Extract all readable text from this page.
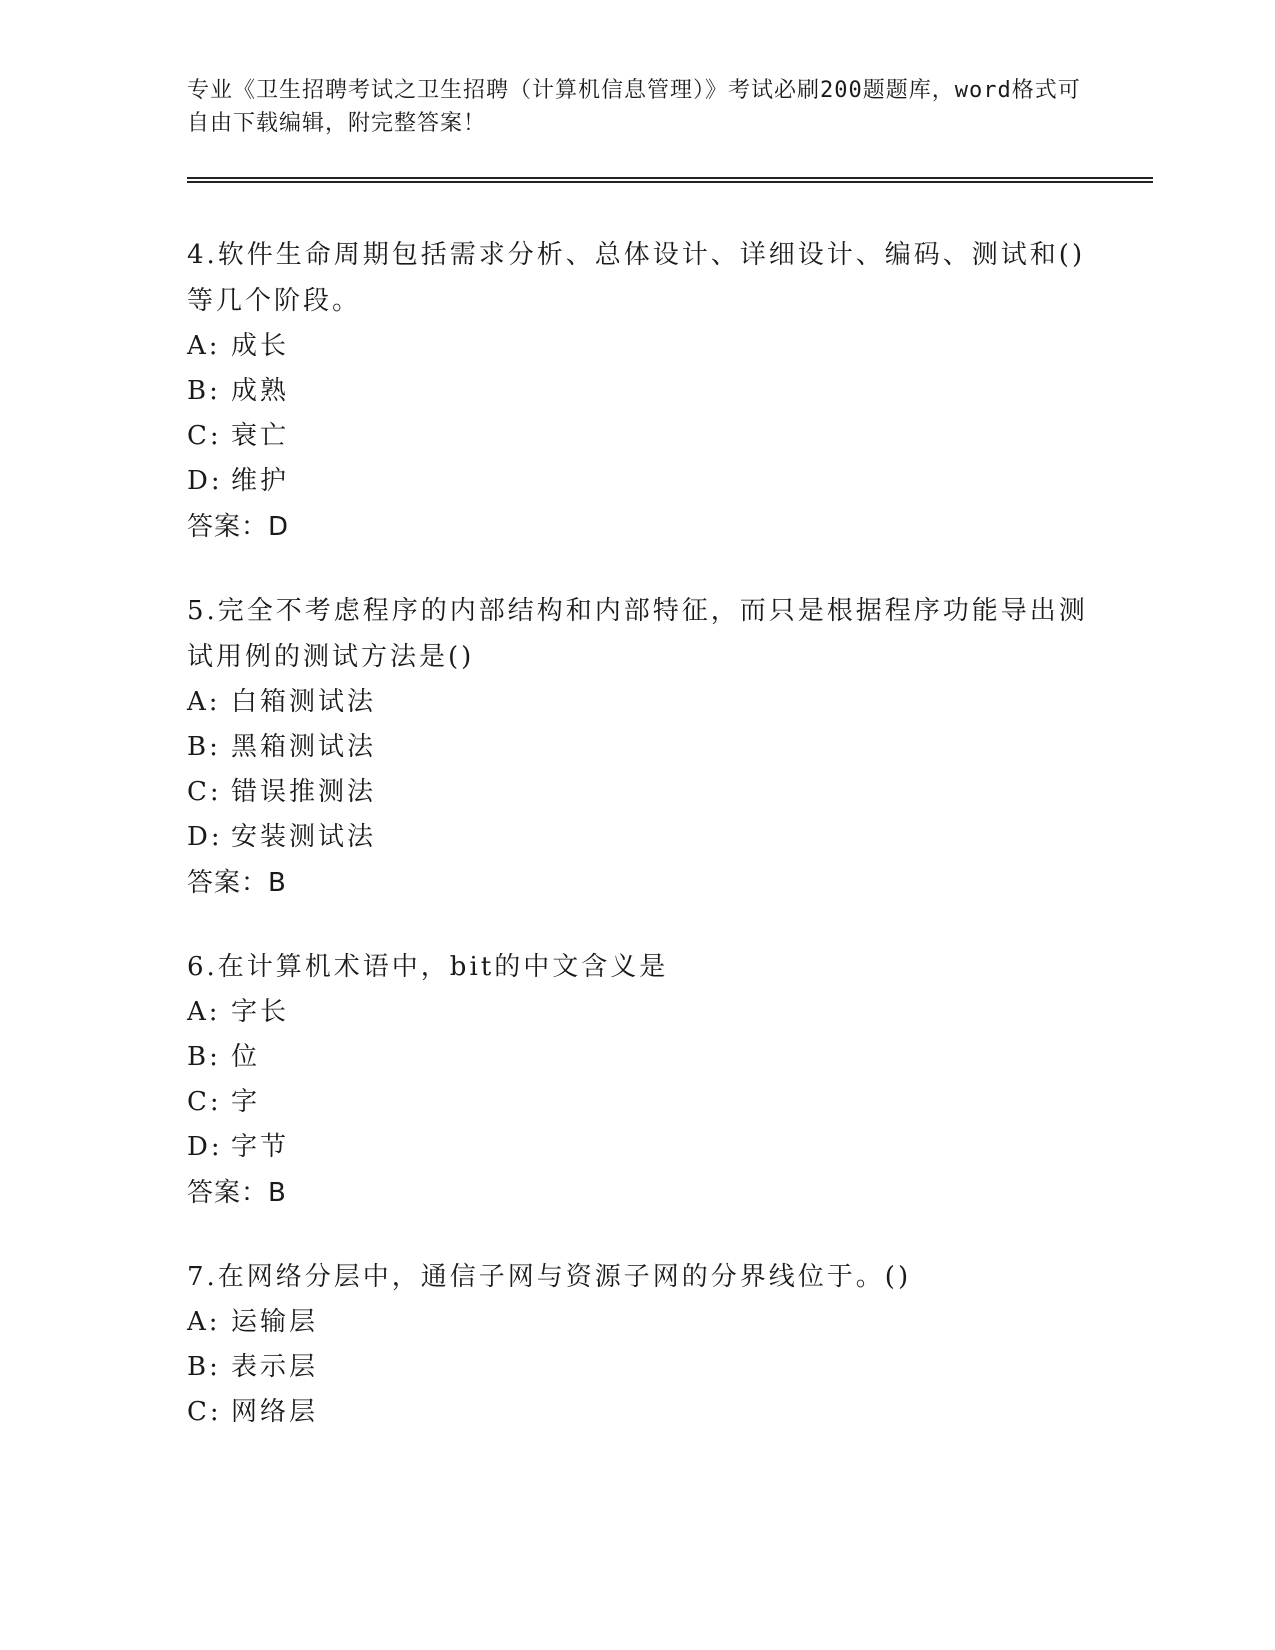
专业《卫生招聘考试之卫生招聘（计算机信息管理）》考试必刷200题题库，word格式可自由下载编辑，附完整答案！

4.软件生命周期包括需求分析、总体设计、详细设计、编码、测试和()等几个阶段。

A: 成长
B: 成熟
C: 衰亡
D: 维护
答案：D

5.完全不考虑程序的内部结构和内部特征，而只是根据程序功能导出测试用例的测试方法是()

A: 白箱测试法
B: 黑箱测试法
C: 错误推测法
D: 安装测试法
答案：B

6.在计算机术语中，bit的中文含义是

A: 字长
B: 位
C: 字
D: 字节
答案：B

7.在网络分层中，通信子网与资源子网的分界线位于。()

A: 运输层
B: 表示层
C: 网络层
